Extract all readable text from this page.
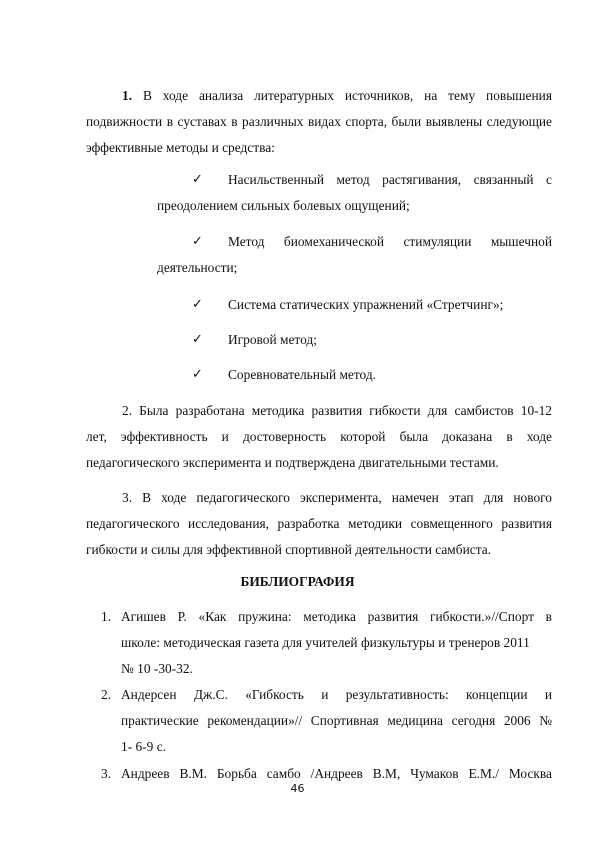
1. В ходе анализа литературных источников, на тему повышения
подвижности в суставах в различных видах спорта, были выявлены следующие
эффективные методы и средства:
✓ Насильственный метод растягивания, связанный с
преодолением сильных болевых ощущений;
✓ Метод биомеханической стимуляции мышечной
деятельности;
✓ Система статических упражнений «Стретчинг»;
✓ Игровой метод;
✓ Соревновательный метод.
2. Была разработана методика развития гибкости для самбистов 10-12
лет, эффективность и достоверность которой была доказана в ходе
педагогического эксперимента и подтверждена двигательными тестами.
3. В ходе педагогического эксперимента, намечен этап для нового
педагогического исследования, разработка методики совмещенного развития
гибкости и силы для эффективной спортивной деятельности самбиста.
БИБЛИОГРАФИЯ
1. Агишев Р. «Как пружина: методика развития гибкости.»//Спорт в
школе: методическая газета для учителей физкультуры и тренеров 2011
№ 10 -30-32.
2. Андерсен Дж.С. «Гибкость и результативность: концепции и
практические рекомендации»// Спортивная медицина сегодня 2006 №
1- 6-9 с.
3. Андреев В.М. Борьба самбо /Андреев В.М, Чумаков Е.М./ Москва
46
